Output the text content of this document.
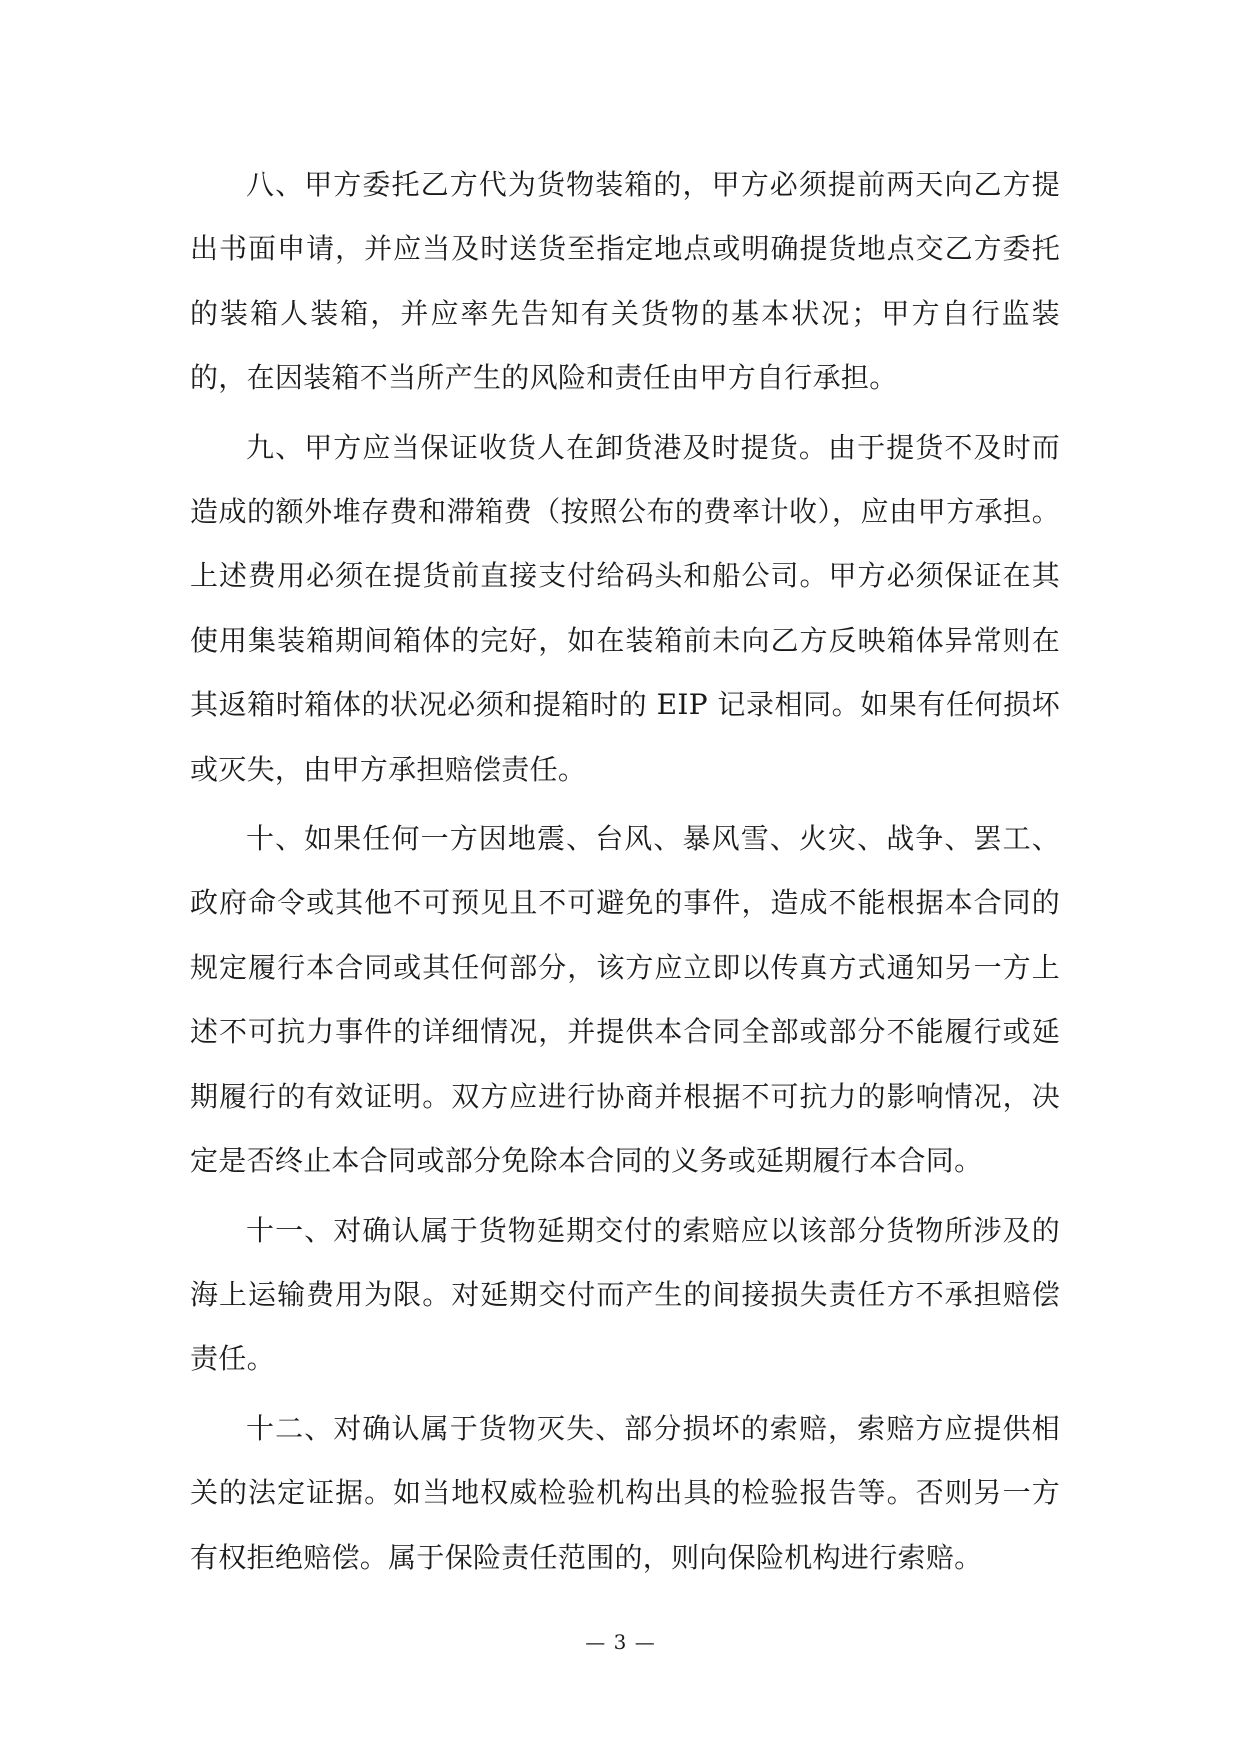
八、甲方委托乙方代为货物装箱的，甲方必须提前两天向乙方提出书面申请，并应当及时送货至指定地点或明确提货地点交乙方委托的装箱人装箱，并应率先告知有关货物的基本状况；甲方自行监装的，在因装箱不当所产生的风险和责任由甲方自行承担。

九、甲方应当保证收货人在卸货港及时提货。由于提货不及时而造成的额外堆存费和滞箱费（按照公布的费率计收），应由甲方承担。上述费用必须在提货前直接支付给码头和船公司。甲方必须保证在其使用集装箱期间箱体的完好，如在装箱前未向乙方反映箱体异常则在其返箱时箱体的状况必须和提箱时的 EIP 记录相同。如果有任何损坏或灭失，由甲方承担赔偿责任。

十、如果任何一方因地震、台风、暴风雪、火灾、战争、罢工、政府命令或其他不可预见且不可避免的事件，造成不能根据本合同的规定履行本合同或其任何部分，该方应立即以传真方式通知另一方上述不可抗力事件的详细情况，并提供本合同全部或部分不能履行或延期履行的有效证明。双方应进行协商并根据不可抗力的影响情况，决定是否终止本合同或部分免除本合同的义务或延期履行本合同。

十一、对确认属于货物延期交付的索赔应以该部分货物所涉及的海上运输费用为限。对延期交付而产生的间接损失责任方不承担赔偿责任。

十二、对确认属于货物灭失、部分损坏的索赔，索赔方应提供相关的法定证据。如当地权威检验机构出具的检验报告等。否则另一方有权拒绝赔偿。属于保险责任范围的，则向保险机构进行索赔。

— 3 —
